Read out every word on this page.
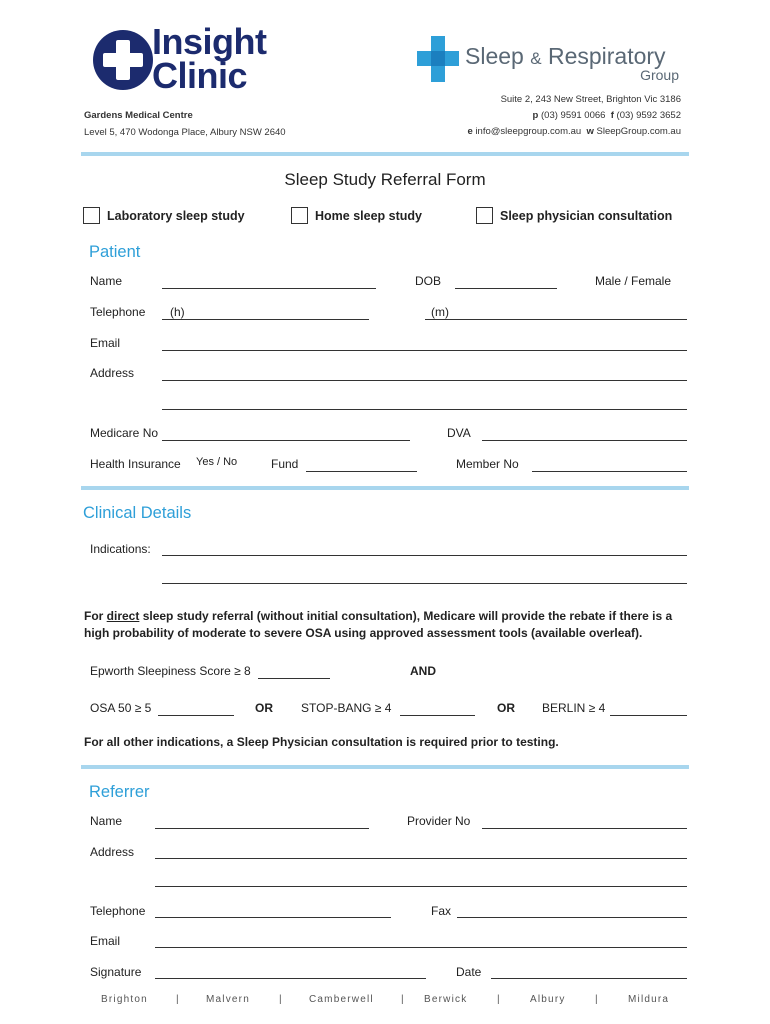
Insight
Clinic
Gardens Medical Centre
Level 5, 470 Wodonga Place, Albury NSW 2640
Sleep & Respiratory
Group
Suite 2, 243 New Street, Brighton Vic 3186
p (03) 9591 0066 f (03) 9592 3652
e info@sleepgroup.com.au w SleepGroup.com.au
Sleep Study Referral Form
Laboratory sleep study	Home sleep study	Sleep physician consultation
Patient
Name	DOB	Male / Female
Telephone (h)	(m)
Email
Address
Medicare No	DVA
Health Insurance Yes / No	Fund	Member No
Clinical Details
Indications:
For direct sleep study referral (without initial consultation), Medicare will provide the rebate if there is a
high probability of moderate to severe OSA using approved assessment tools (available overleaf).
Epworth Sleepiness Score ≥ 8	AND
OSA 50 ≥ 5	OR STOP-BANG ≥ 4	OR BERLIN ≥ 4
For all other indications, a Sleep Physician consultation is required prior to testing.
Referrer
Name	Provider No
Address
Telephone	Fax
Email
Signature	Date
Brighton	|	Malvern	|	Camberwell	| Berwick	|	Albury	|	Mildura
